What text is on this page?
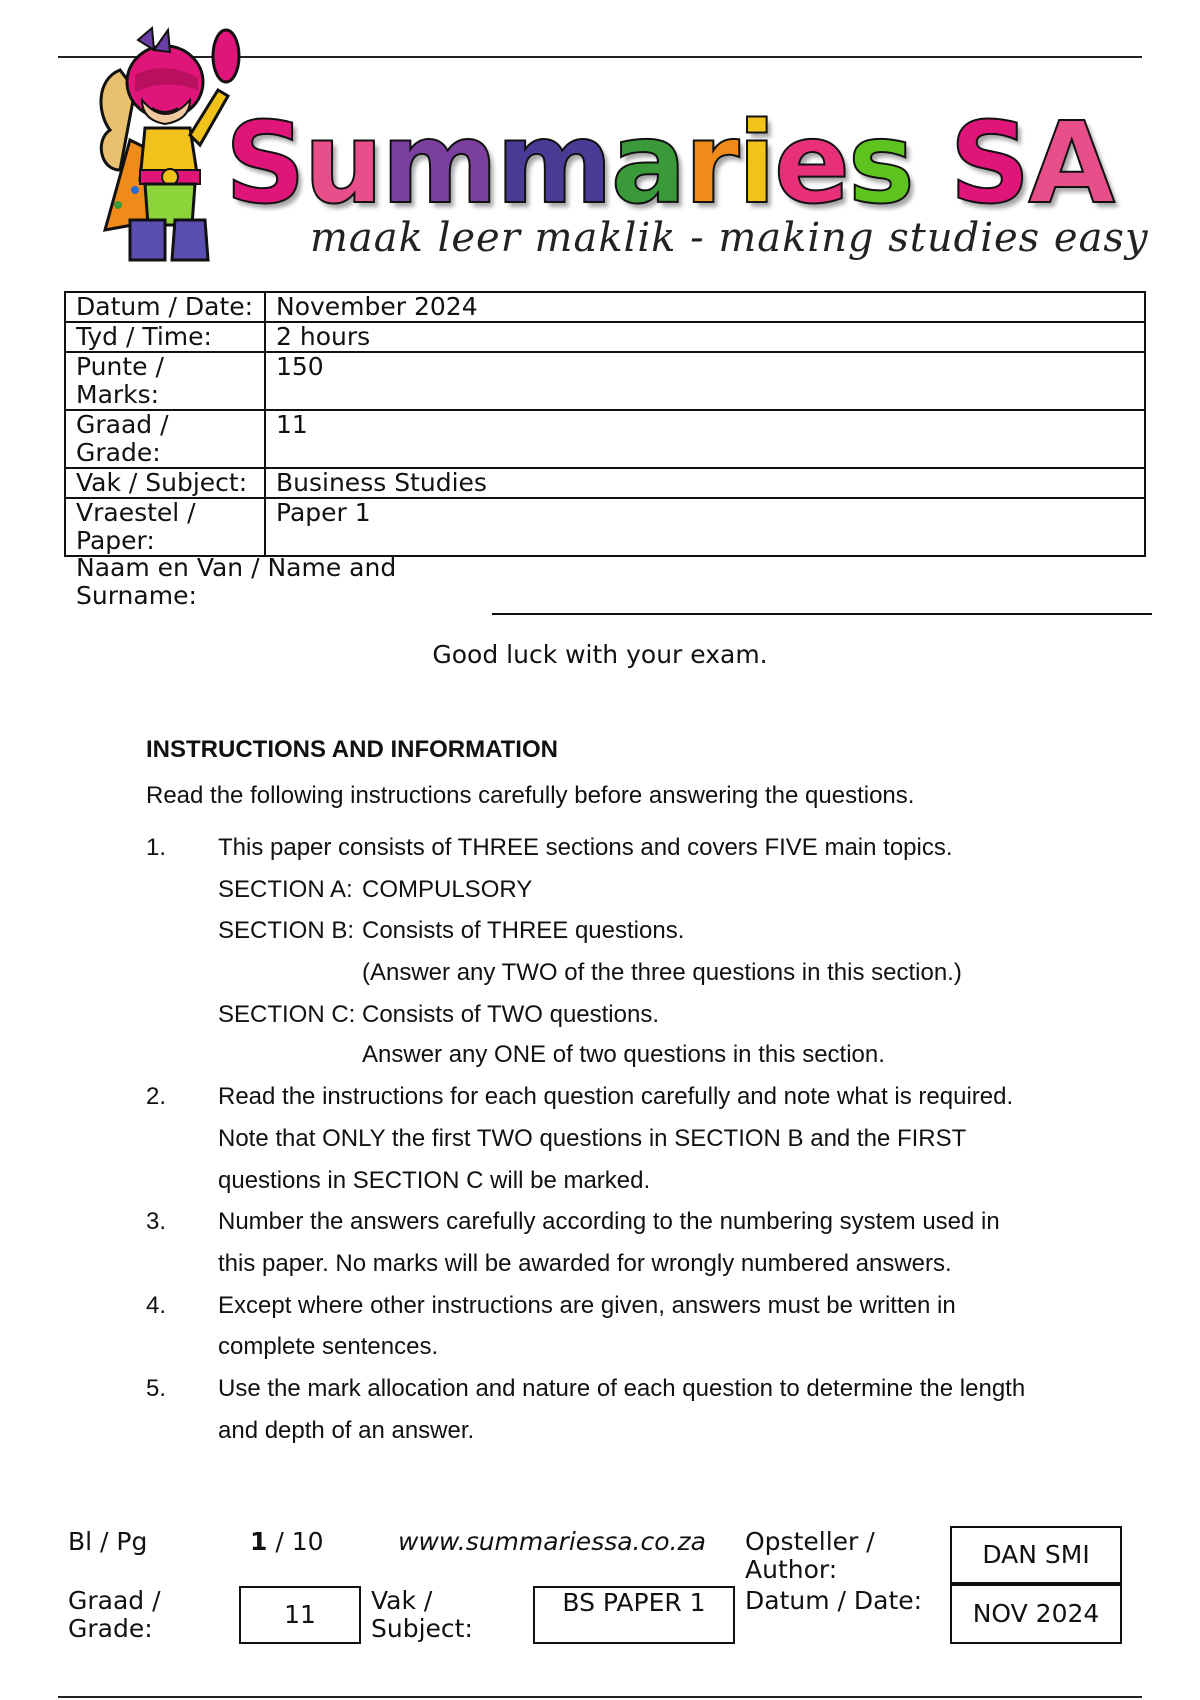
Summaries SA
maak leer maklik - making studies easy
Datum / Date:	November 2024
Tyd / Time:	2 hours
Punte / Marks:	150
Graad / Grade:	11
Vak / Subject:	Business Studies
Vraestel / Paper:	Paper 1
Naam en Van / Name and Surname:
Good luck with your exam.
INSTRUCTIONS AND INFORMATION
Read the following instructions carefully before answering the questions.
1. This paper consists of THREE sections and covers FIVE main topics.
SECTION A: COMPULSORY
SECTION B: Consists of THREE questions.
(Answer any TWO of the three questions in this section.)
SECTION C: Consists of TWO questions.
Answer any ONE of two questions in this section.
2. Read the instructions for each question carefully and note what is required.
Note that ONLY the first TWO questions in SECTION B and the FIRST
questions in SECTION C will be marked.
3. Number the answers carefully according to the numbering system used in
this paper. No marks will be awarded for wrongly numbered answers.
4. Except where other instructions are given, answers must be written in
complete sentences.
5. Use the mark allocation and nature of each question to determine the length
and depth of an answer.
Bl / Pg	1 / 10	www.summariessa.co.za Opsteller / Author:
DAN SMI
Graad / Grade:	11	Vak / Subject:
BS PAPER 1	Datum / Date:	NOV 2024
